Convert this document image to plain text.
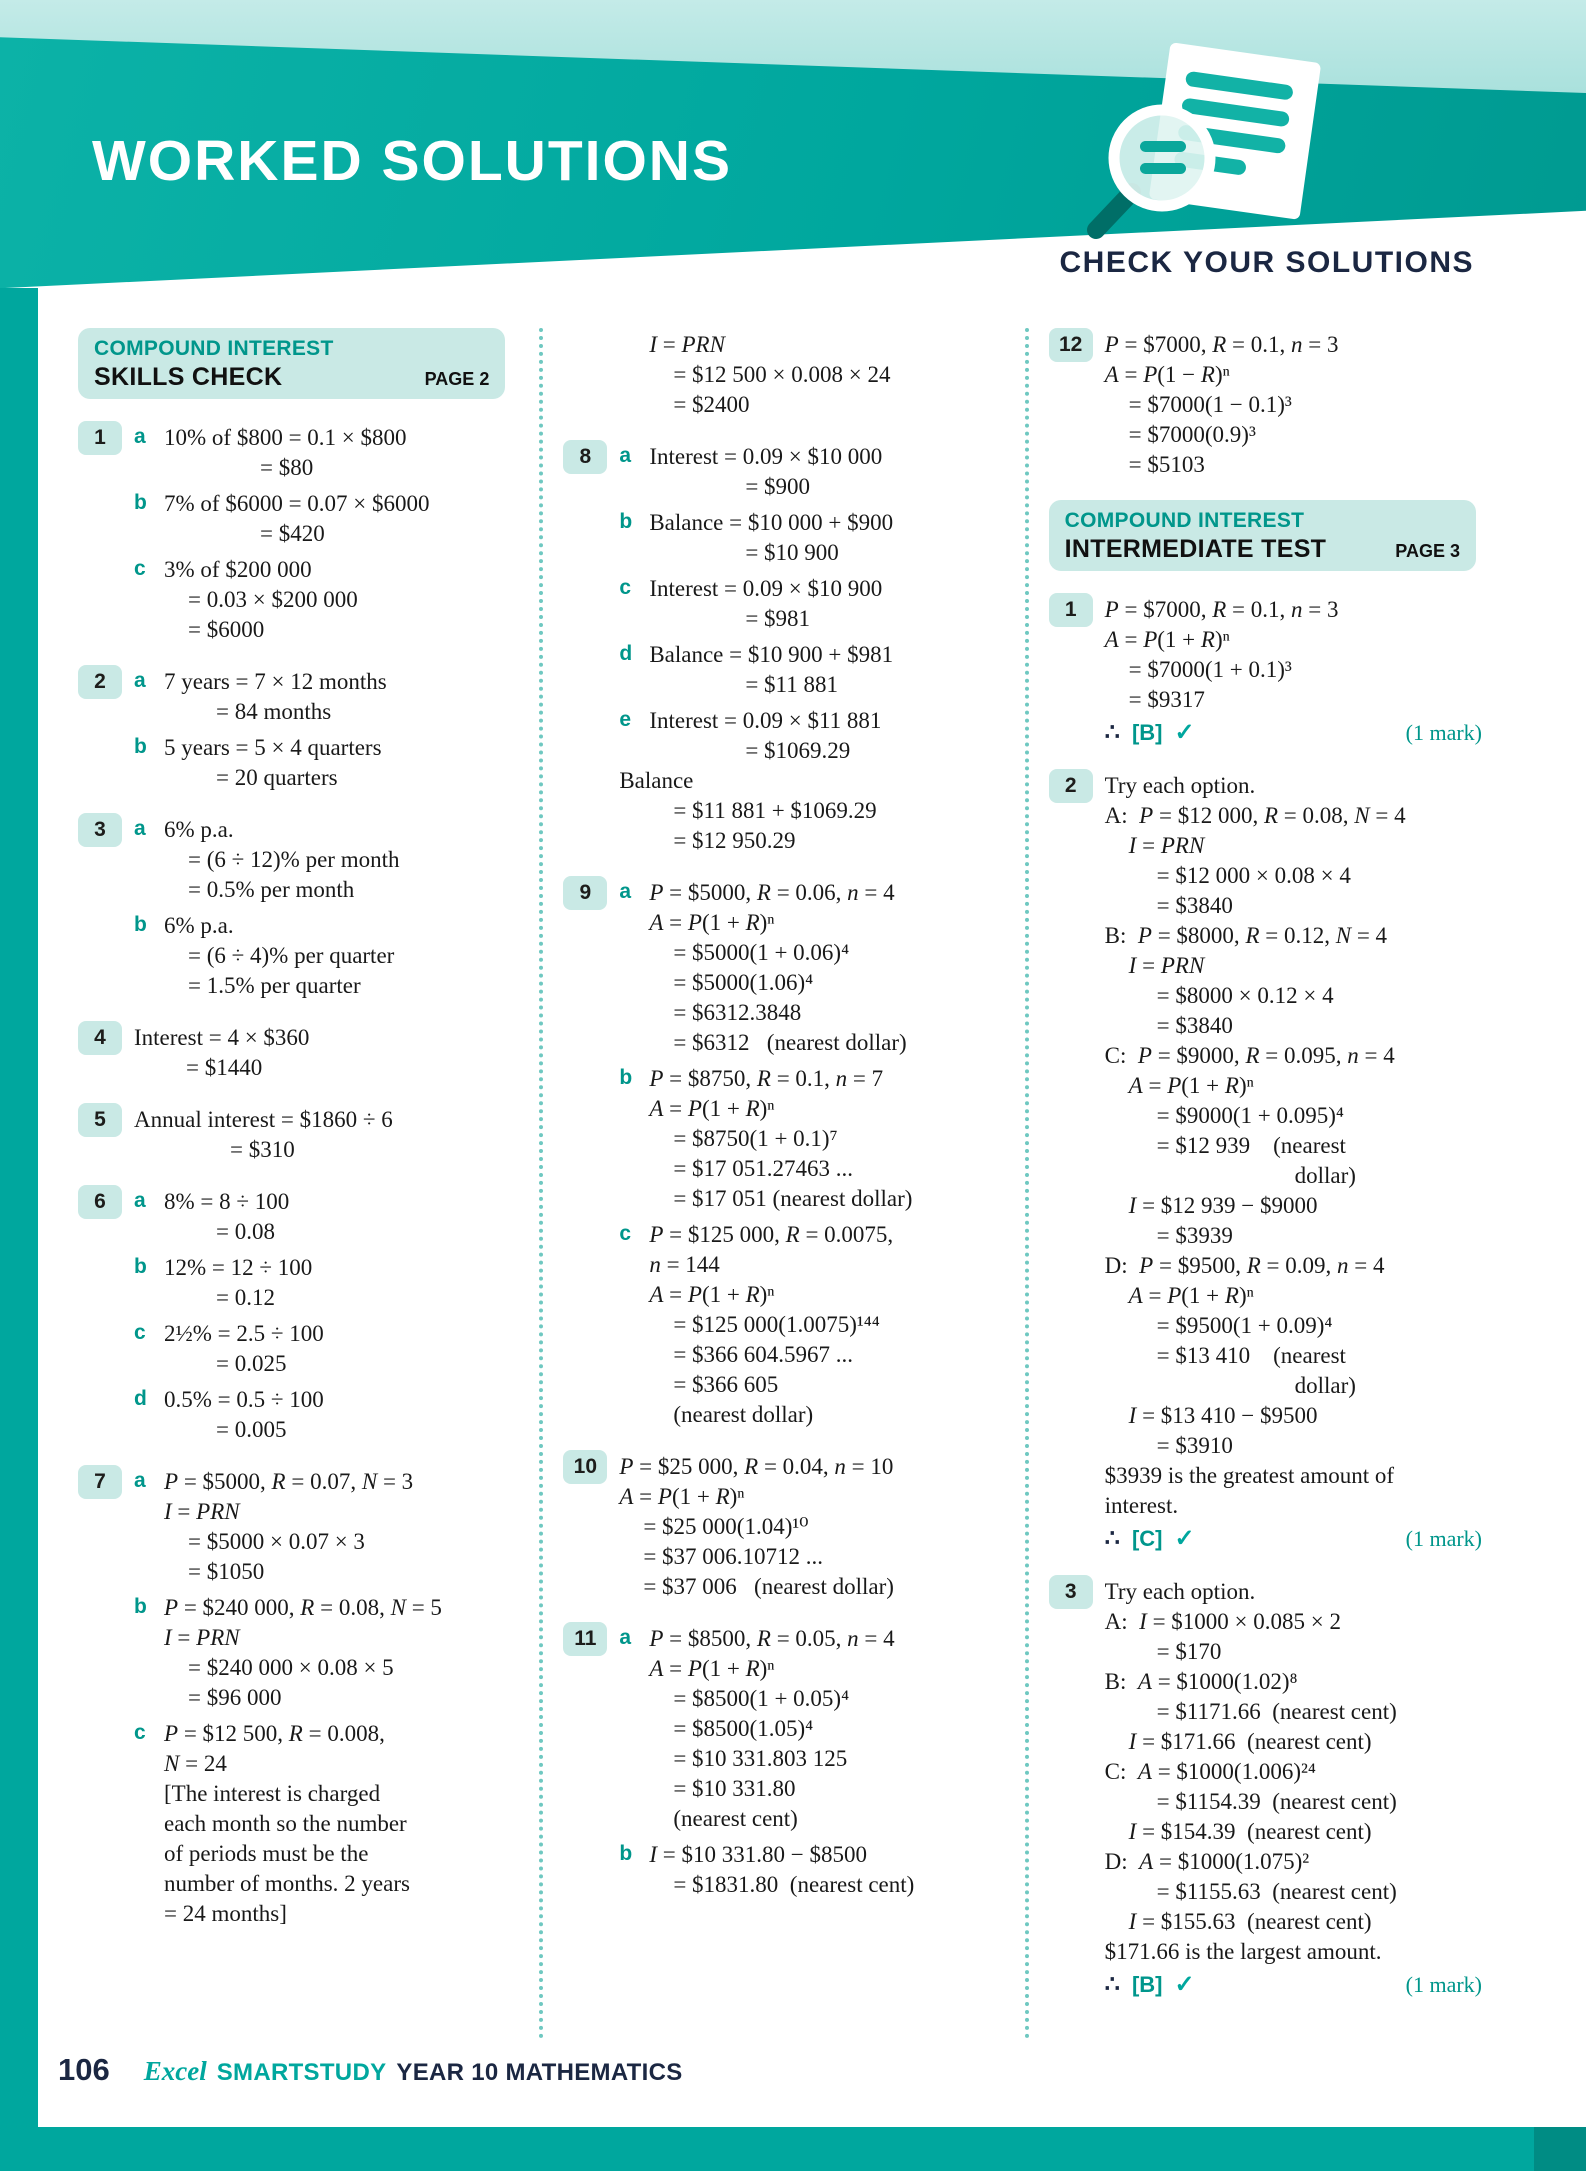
WORKED SOLUTIONS
CHECK YOUR SOLUTIONS
COMPOUND INTEREST
SKILLS CHECK	PAGE 2
1	a 10% of $800 = 0.1 × $800
= $80
b 7% of $6000 = 0.07 × $6000
= $420
c 3% of $200 000
= 0.03 × $200 000
= $6000
2	a 7 years = 7 × 12 months
= 84 months
b 5 years = 5 × 4 quarters
= 20 quarters
3	a 6% p.a.
= (6 ÷ 12)% per month
= 0.5% per month
b 6% p.a.
= (6 ÷ 4)% per quarter
= 1.5% per quarter
4	Interest = 4 × $360
= $1440
5	Annual interest = $1860 ÷ 6
= $310
6	a 8% = 8 ÷ 100
= 0.08
b 12% = 12 ÷ 100
= 0.12
c 2½% = 2.5 ÷ 100
= 0.025
d 0.5% = 0.5 ÷ 100
= 0.005
7	a P = $5000, R = 0.07, N = 3
I = PRN
= $5000 × 0.07 × 3
= $1050
b P = $240 000, R = 0.08, N = 5
I = PRN
= $240 000 × 0.08 × 5
= $96 000
c P = $12 500, R = 0.008,
N = 24
[The interest is charged
each month so the number
of periods must be the
number of months. 2 years
= 24 months]
I = PRN
= $12 500 × 0.008 × 24
= $2400
8	a Interest = 0.09 × $10 000
= $900
b Balance = $10 000 + $900
= $10 900
c Interest = 0.09 × $10 900
= $981
d Balance = $10 900 + $981
= $11 881
e Interest = 0.09 × $11 881
= $1069.29
Balance
= $11 881 + $1069.29
= $12 950.29
9	a P = $5000, R = 0.06, n = 4
A = P(1 + R)ⁿ
= $5000(1 + 0.06)⁴
= $5000(1.06)⁴
= $6312.3848
= $6312   (nearest dollar)
b P = $8750, R = 0.1, n = 7
A = P(1 + R)ⁿ
= $8750(1 + 0.1)⁷
= $17 051.27463 ...
= $17 051 (nearest dollar)
c P = $125 000, R = 0.0075,
n = 144
A = P(1 + R)ⁿ
= $125 000(1.0075)¹⁴⁴
= $366 604.5967 ...
= $366 605
(nearest dollar)
10 P = $25 000, R = 0.04, n = 10
A = P(1 + R)ⁿ
= $25 000(1.04)¹⁰
= $37 006.10712 ...
= $37 006   (nearest dollar)
11	a P = $8500, R = 0.05, n = 4
A = P(1 + R)ⁿ
= $8500(1 + 0.05)⁴
= $8500(1.05)⁴
= $10 331.803 125
= $10 331.80
(nearest cent)
b I = $10 331.80 − $8500
= $1831.80  (nearest cent)
12 P = $7000, R = 0.1, n = 3
A = P(1 − R)ⁿ
= $7000(1 − 0.1)³
= $7000(0.9)³
= $5103
COMPOUND INTEREST
INTERMEDIATE TEST	PAGE 3
1	P = $7000, R = 0.1, n = 3
A = P(1 + R)ⁿ
= $7000(1 + 0.1)³
= $9317
∴ [B] ✓	(1 mark)
2	Try each option.
A:  P = $12 000, R = 0.08, N = 4
I = PRN
= $12 000 × 0.08 × 4
= $3840
B:  P = $8000, R = 0.12, N = 4
I = PRN
= $8000 × 0.12 × 4
= $3840
C:  P = $9000, R = 0.095, n = 4
A = P(1 + R)ⁿ
= $9000(1 + 0.095)⁴
= $12 939    (nearest
dollar)
I = $12 939 − $9000
= $3939
D:  P = $9500, R = 0.09, n = 4
A = P(1 + R)ⁿ
= $9500(1 + 0.09)⁴
= $13 410    (nearest
dollar)
I = $13 410 − $9500
= $3910
$3939 is the greatest amount of
interest.
∴ [C] ✓	(1 mark)
3	Try each option.
A:  I = $1000 × 0.085 × 2
= $170
B:  A = $1000(1.02)⁸
= $1171.66  (nearest cent)
I = $171.66  (nearest cent)
C:  A = $1000(1.006)²⁴
= $1154.39  (nearest cent)
I = $154.39  (nearest cent)
D:  A = $1000(1.075)²
= $1155.63  (nearest cent)
I = $155.63  (nearest cent)
$171.66 is the largest amount.
∴ [B] ✓	(1 mark)
106 Excel SMARTSTUDY YEAR 10 MATHEMATICS
